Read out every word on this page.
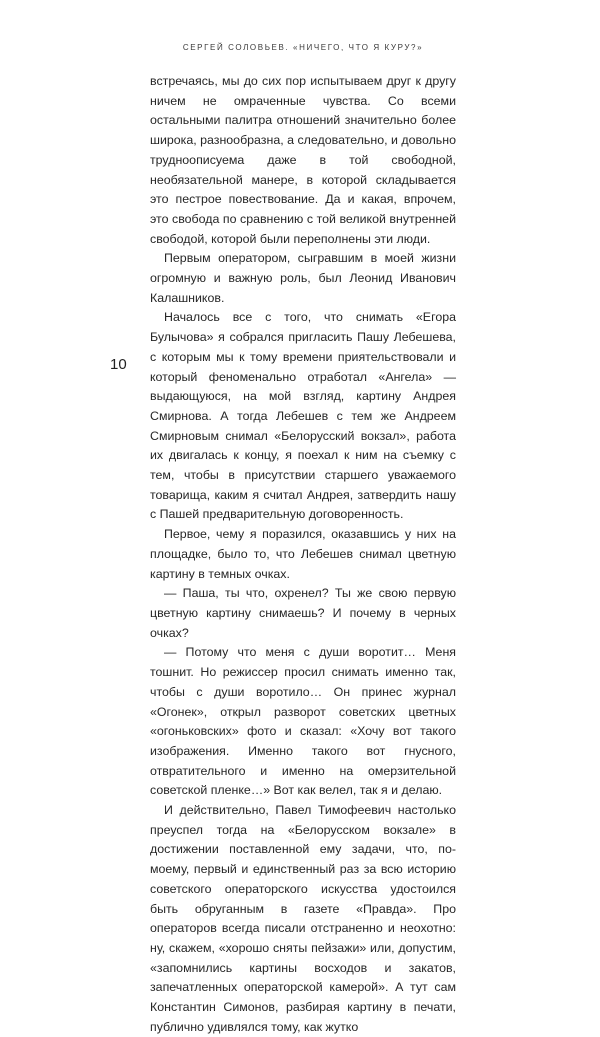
СЕРГЕЙ СОЛОВЬЕВ. «НИЧЕГО, ЧТО Я КУРУ?»
10

встречаясь, мы до сих пор испытываем друг к другу ничем не омраченные чувства. Со всеми остальными палитра отношений значительно более широка, разнообразна, а следовательно, и довольно трудноописуема даже в той свободной, необязательной манере, в которой складывается это пестрое повествование. Да и какая, впрочем, это свобода по сравнению с той великой внутренней свободой, которой были переполнены эти люди.

Первым оператором, сыгравшим в моей жизни огромную и важную роль, был Леонид Иванович Калашников.

Началось все с того, что снимать «Егора Булычова» я собрался пригласить Пашу Лебешева, с которым мы к тому времени приятельствовали и который феноменально отработал «Ангела» — выдающуюся, на мой взгляд, картину Андрея Смирнова. А тогда Лебешев с тем же Андреем Смирновым снимал «Белорусский вокзал», работа их двигалась к концу, я поехал к ним на съемку с тем, чтобы в присутствии старшего уважаемого товарища, каким я считал Андрея, затвердить нашу с Пашей предварительную договоренность.

Первое, чему я поразился, оказавшись у них на площадке, было то, что Лебешев снимал цветную картину в темных очках.

— Паша, ты что, охренел? Ты же свою первую цветную картину снимаешь? И почему в черных очках?

— Потому что меня с души воротит… Меня тошнит. Но режиссер просил снимать именно так, чтобы с души воротило… Он принес журнал «Огонек», открыл разворот советских цветных «огоньковских» фото и сказал: «Хочу вот такого изображения. Именно такого вот гнусного, отвратительного и именно на омерзительной советской пленке…» Вот как велел, так я и делаю.

И действительно, Павел Тимофеевич настолько преуспел тогда на «Белорусском вокзале» в достижении поставленной ему задачи, что, по-моему, первый и единственный раз за всю историю советского операторского искусства удостоился быть обруганным в газете «Правда». Про операторов всегда писали отстраненно и неохотно: ну, скажем, «хорошо сняты пейзажи» или, допустим, «запомнились картины восходов и закатов, запечатленных операторской камерой». А тут сам Константин Симонов, разбирая картину в печати, публично удивлялся тому, как жутко
